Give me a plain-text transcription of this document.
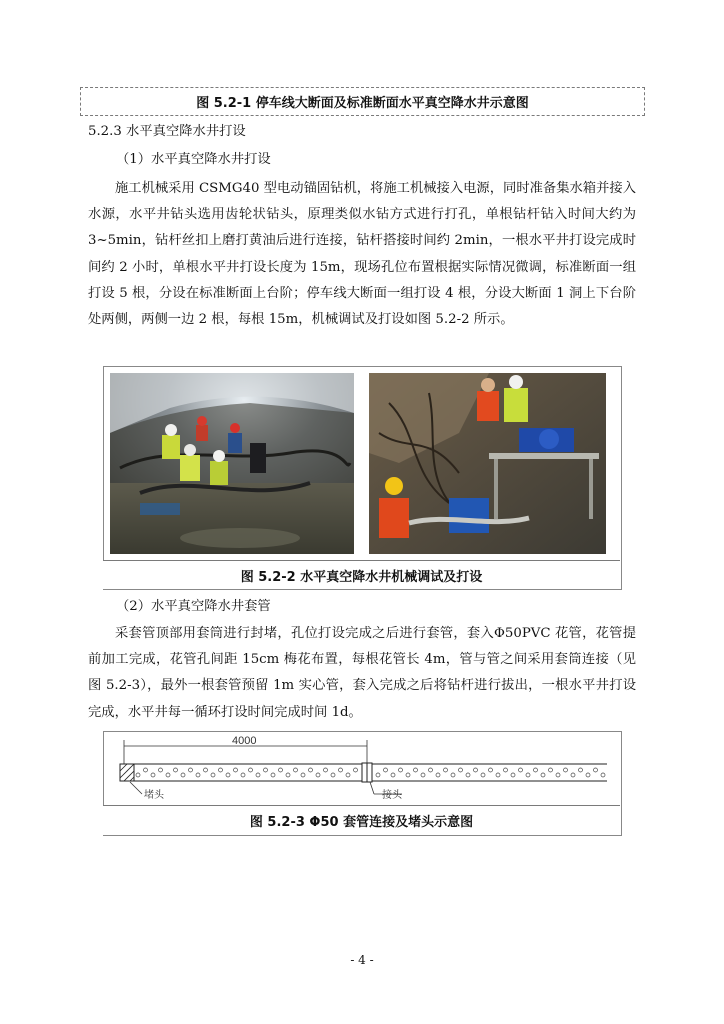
图 5.2-1 停车线大断面及标准断面水平真空降水井示意图
5.2.3 水平真空降水井打设
（1）水平真空降水井打设

施工机械采用 CSMG40 型电动锚固钻机，将施工机械接入电源，同时准备集水箱并接入水源，水平井钻头选用齿轮状钻头，原理类似水钻方式进行打孔，单根钻杆钻入时间大约为 3~5min，钻杆丝扣上磨打黄油后进行连接，钻杆搭接时间约 2min，一根水平井打设完成时间约 2 小时，单根水平井打设长度为 15m，现场孔位布置根据实际情况微调，标准断面一组打设 5 根，分设在标准断面上台阶；停车线大断面一组打设 4 根，分设大断面 1 洞上下台阶处两侧，两侧一边 2 根，每根 15m，机械调试及打设如图 5.2-2 所示。

图 5.2-2 水平真空降水井机械调试及打设
（2）水平真空降水井套管

采套管顶部用套筒进行封堵，孔位打设完成之后进行套管，套入Φ50PVC 花管，花管提前加工完成，花管孔间距 15cm 梅花布置，每根花管长 4m，管与管之间采用套筒连接（见图 5.2-3），最外一根套管预留 1m 实心管，套入完成之后将钻杆进行拔出，一根水平井打设完成，水平井每一循环打设时间完成时间 1d。

4000
堵头	接头
图 5.2-3 Φ50 套管连接及堵头示意图
- 4 -
